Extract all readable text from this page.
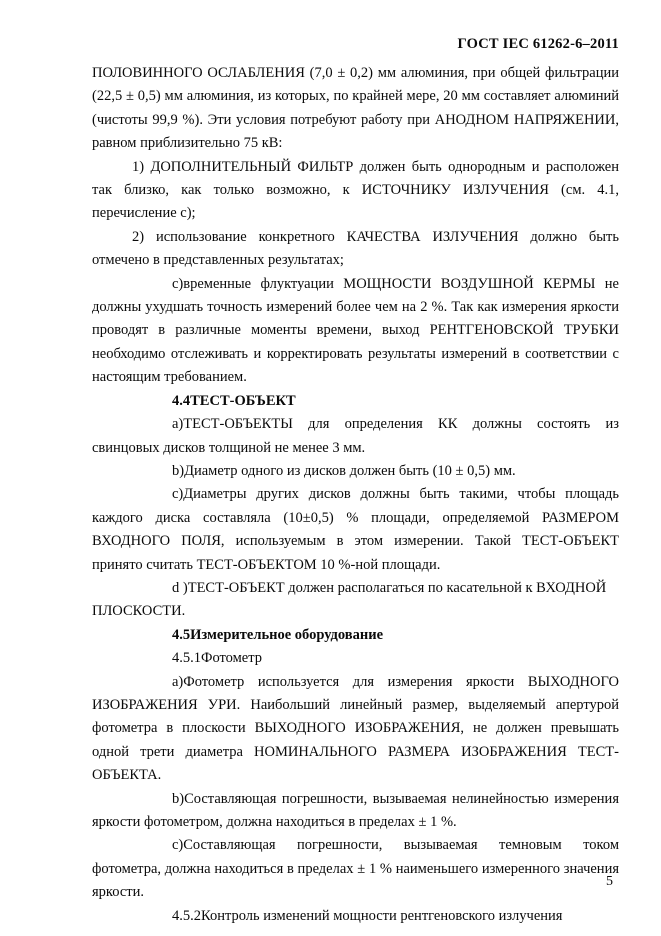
ГОСТ IEC 61262-6–2011

ПОЛОВИННОГО ОСЛАБЛЕНИЯ (7,0 ± 0,2) мм алюминия, при общей фильтрации (22,5 ± 0,5) мм алюминия, из которых, по крайней мере, 20 мм составляет алюминий (чистоты 99,9 %). Эти условия потребуют работу при АНОДНОМ НАПРЯЖЕНИИ, равном приблизительно 75 кВ:

1) ДОПОЛНИТЕЛЬНЫЙ ФИЛЬТР должен быть однородным и расположен так близко, как только возможно, к ИСТОЧНИКУ ИЗЛУЧЕНИЯ (см. 4.1, перечисление c);

2) использование конкретного КАЧЕСТВА ИЗЛУЧЕНИЯ должно быть отмечено в представленных результатах;

c)временные флуктуации МОЩНОСТИ ВОЗДУШНОЙ КЕРМЫ не должны ухудшать точность измерений более чем на 2 %. Так как измерения яркости проводят в различные моменты времени, выход РЕНТГЕНОВСКОЙ ТРУБКИ необходимо отслеживать и корректировать результаты измерений в соответствии с настоящим требованием.

4.4ТЕСТ-ОБЪЕКТ

a)ТЕСТ-ОБЪЕКТЫ для определения КК должны состоять из свинцовых дисков толщиной не менее 3 мм.

b)Диаметр одного из дисков должен быть (10 ± 0,5) мм.

c)Диаметры других дисков должны быть такими, чтобы площадь каждого диска составляла (10±0,5) % площади, определяемой РАЗМЕРОМ ВХОДНОГО ПОЛЯ, используемым в этом измерении. Такой ТЕСТ-ОБЪЕКТ принято считать ТЕСТ-ОБЪЕКТОМ 10 %-ной площади.

d )ТЕСТ-ОБЪЕКТ должен располагаться по касательной к ВХОДНОЙ ПЛОСКОСТИ.

4.5Измерительное оборудование

4.5.1Фотометр

a)Фотометр используется для измерения яркости ВЫХОДНОГО ИЗОБРАЖЕНИЯ УРИ. Наибольший линейный размер, выделяемый апертурой фотометра в плоскости ВЫХОДНОГО ИЗОБРАЖЕНИЯ, не должен превышать одной трети диаметра НОМИНАЛЬНОГО РАЗМЕРА ИЗОБРАЖЕНИЯ ТЕСТ-ОБЪЕКТА.

b)Составляющая погрешности, вызываемая нелинейностью измерения яркости фотометром, должна находиться в пределах ± 1 %.

c)Составляющая погрешности, вызываемая темновым током фотометра, должна находиться в пределах ± 1 % наименьшего измеренного значения яркости.

4.5.2Контроль изменений мощности рентгеновского излучения

5
